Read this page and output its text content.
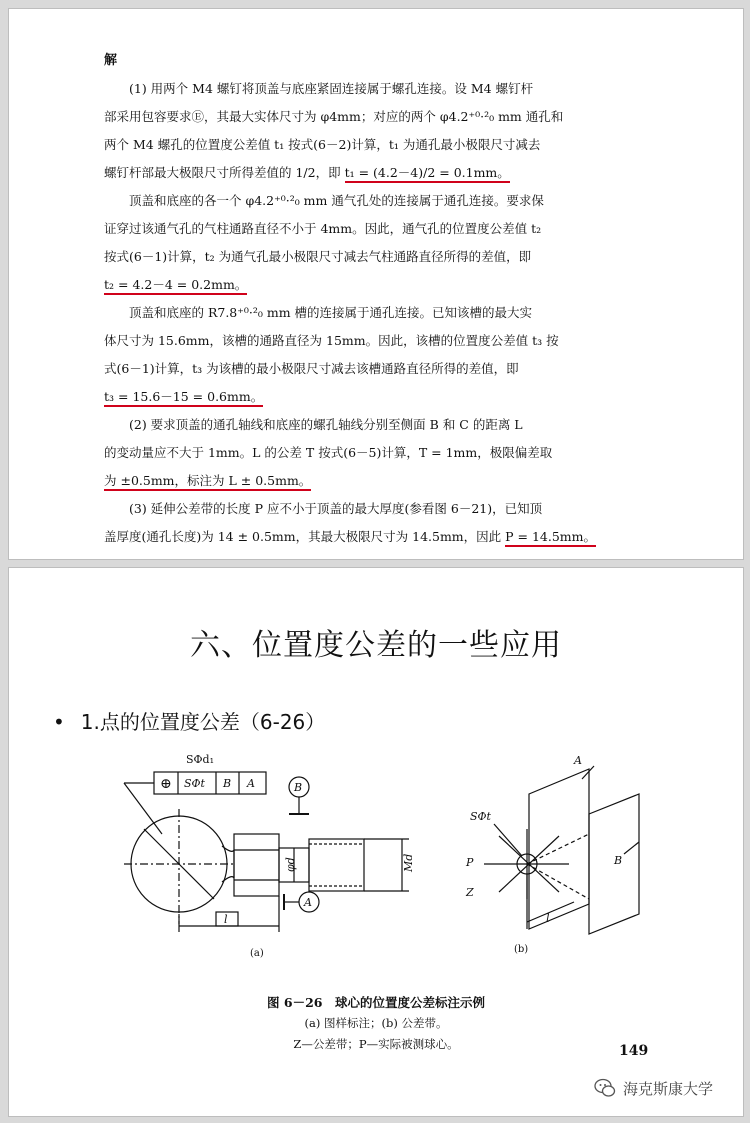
解

(1) 用两个 M4 螺钉将顶盖与底座紧固连接属于螺孔连接。设 M4 螺钉杆

部采用包容要求Ⓔ，其最大实体尺寸为 φ4mm；对应的两个 φ4.2⁺⁰·²₀ mm 通孔和

两个 M4 螺孔的位置度公差值 t₁ 按式(6－2)计算，t₁ 为通孔最小极限尺寸减去

螺钉杆部最大极限尺寸所得差值的 1/2，即 t₁ = (4.2－4)/2 = 0.1mm。

顶盖和底座的各一个 φ4.2⁺⁰·²₀ mm 通气孔处的连接属于通孔连接。要求保

证穿过该通气孔的气柱通路直径不小于 4mm。因此，通气孔的位置度公差值 t₂

按式(6－1)计算，t₂ 为通气孔最小极限尺寸减去气柱通路直径所得的差值，即

t₂ = 4.2－4 = 0.2mm。

顶盖和底座的 R7.8⁺⁰·²₀ mm 槽的连接属于通孔连接。已知该槽的最大实

体尺寸为 15.6mm，该槽的通路直径为 15mm。因此，该槽的位置度公差值 t₃ 按

式(6－1)计算，t₃ 为该槽的最小极限尺寸减去该槽通路直径所得的差值，即

t₃ = 15.6－15 = 0.6mm。

(2) 要求顶盖的通孔轴线和底座的螺孔轴线分别至侧面 B 和 C 的距离 L

的变动量应不大于 1mm。L 的公差 T 按式(6－5)计算，T = 1mm，极限偏差取

为 ±0.5mm，标注为 L ± 0.5mm。

(3) 延伸公差带的长度 P 应不小于顶盖的最大厚度(参看图 6－21)，已知顶

盖厚度(通孔长度)为 14 ± 0.5mm，其最大极限尺寸为 14.5mm，因此 P = 14.5mm。

六、位置度公差的一些应用
• 1.点的位置度公差（6-26）
SΦd₁
⊕ SΦt B A	B
A
φd	Md
l
(a)	(b)
SΦt
P
Z
A
B
l
图 6－26　球心的位置度公差标注示例
(a) 图样标注；(b) 公差带。
Z—公差带；P—实际被测球心。	149
海克斯康大学
